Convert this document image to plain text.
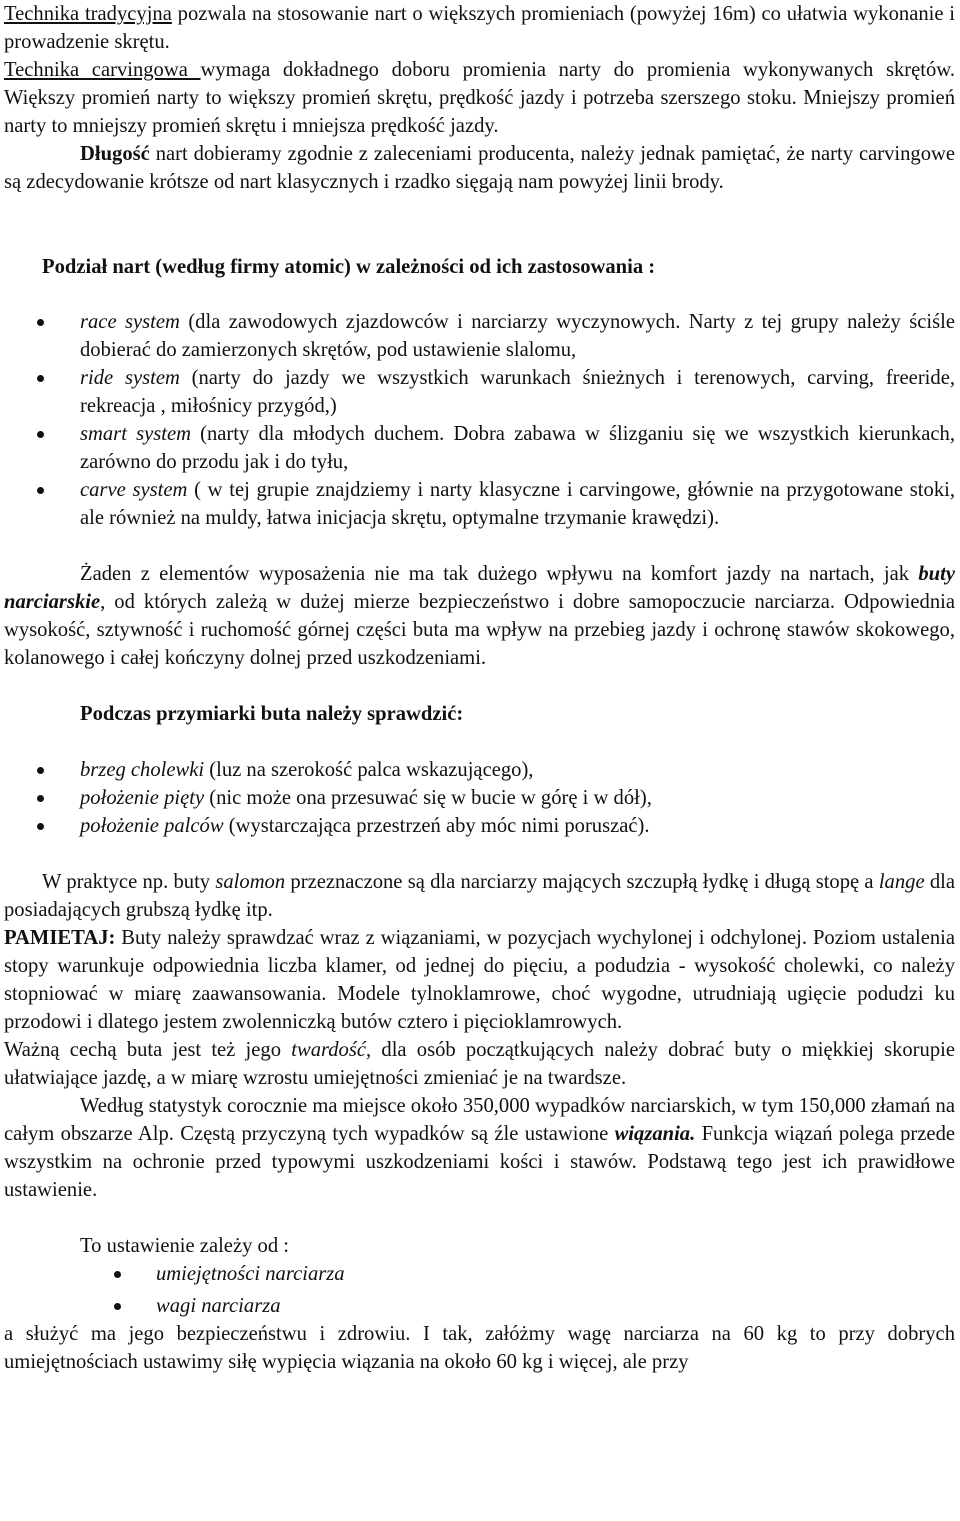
Technika tradycyjna pozwala na stosowanie nart o większych promieniach (powyżej 16m) co ułatwia wykonanie i prowadzenie skrętu.

Technika carvingowa wymaga dokładnego doboru promienia narty do promienia wykonywanych skrętów. Większy promień narty to większy promień skrętu, prędkość jazdy i potrzeba szerszego stoku. Mniejszy promień narty to mniejszy promień skrętu i mniejsza prędkość jazdy.

Długość nart dobieramy zgodnie z zaleceniami producenta, należy jednak pamiętać, że narty carvingowe są zdecydowanie krótsze od nart klasycznych i rzadko sięgają nam powyżej linii brody.

Podział nart (według firmy atomic) w zależności od ich zastosowania :

race system (dla zawodowych zjazdowców i narciarzy wyczynowych. Narty z tej grupy należy ściśle dobierać do zamierzonych skrętów, pod ustawienie slalomu,
ride system (narty do jazdy we wszystkich warunkach śnieżnych i terenowych, carving, freeride, rekreacja , miłośnicy przygód,)
smart system (narty dla młodych duchem. Dobra zabawa w ślizganiu się we wszystkich kierunkach, zarówno do przodu jak i do tyłu,
carve system ( w tej grupie znajdziemy i narty klasyczne i carvingowe, głównie na przygotowane stoki, ale również na muldy, łatwa inicjacja skrętu, optymalne trzymanie krawędzi).

Żaden z elementów wyposażenia nie ma tak dużego wpływu na komfort jazdy na nartach, jak buty narciarskie, od których zależą w dużej mierze bezpieczeństwo i dobre samopoczucie narciarza. Odpowiednia wysokość, sztywność i ruchomość górnej części buta ma wpływ na przebieg jazdy i ochronę stawów skokowego, kolanowego i całej kończyny dolnej przed uszkodzeniami.

Podczas przymiarki buta należy sprawdzić:

brzeg cholewki (luz na szerokość palca wskazującego),
położenie pięty (nic może ona przesuwać się w bucie w górę i w dół),
położenie palców (wystarczająca przestrzeń aby móc nimi poruszać).

W praktyce np. buty salomon przeznaczone są dla narciarzy mających szczupłą łydkę i długą stopę a lange dla posiadających grubszą łydkę itp.

PAMIETAJ: Buty należy sprawdzać wraz z wiązaniami, w pozycjach wychylonej i odchylonej. Poziom ustalenia stopy warunkuje odpowiednia liczba klamer, od jednej do pięciu, a podudzia - wysokość cholewki, co należy stopniować w miarę zaawansowania. Modele tylnoklamrowe, choć wygodne, utrudniają ugięcie podudzi ku przodowi i dlatego jestem zwolenniczką butów cztero i pięcioklamrowych.

Ważną cechą buta jest też jego twardość, dla osób początkujących należy dobrać buty o miękkiej skorupie ułatwiające jazdę, a w miarę wzrostu umiejętności zmieniać je na twardsze.

Według statystyk corocznie ma miejsce około 350,000 wypadków narciarskich, w tym 150,000 złamań na całym obszarze Alp. Częstą przyczyną tych wypadków są źle ustawione wiązania. Funkcja wiązań polega przede wszystkim na ochronie przed typowymi uszkodzeniami kości i stawów. Podstawą tego jest ich prawidłowe ustawienie.

To ustawienie zależy od :

umiejętności narciarza
wagi narciarza

a służyć ma jego bezpieczeństwu i zdrowiu. I tak, załóżmy wagę narciarza na 60 kg to przy dobrych umiejętnościach ustawimy siłę wypięcia wiązania na około 60 kg i więcej, ale przy
